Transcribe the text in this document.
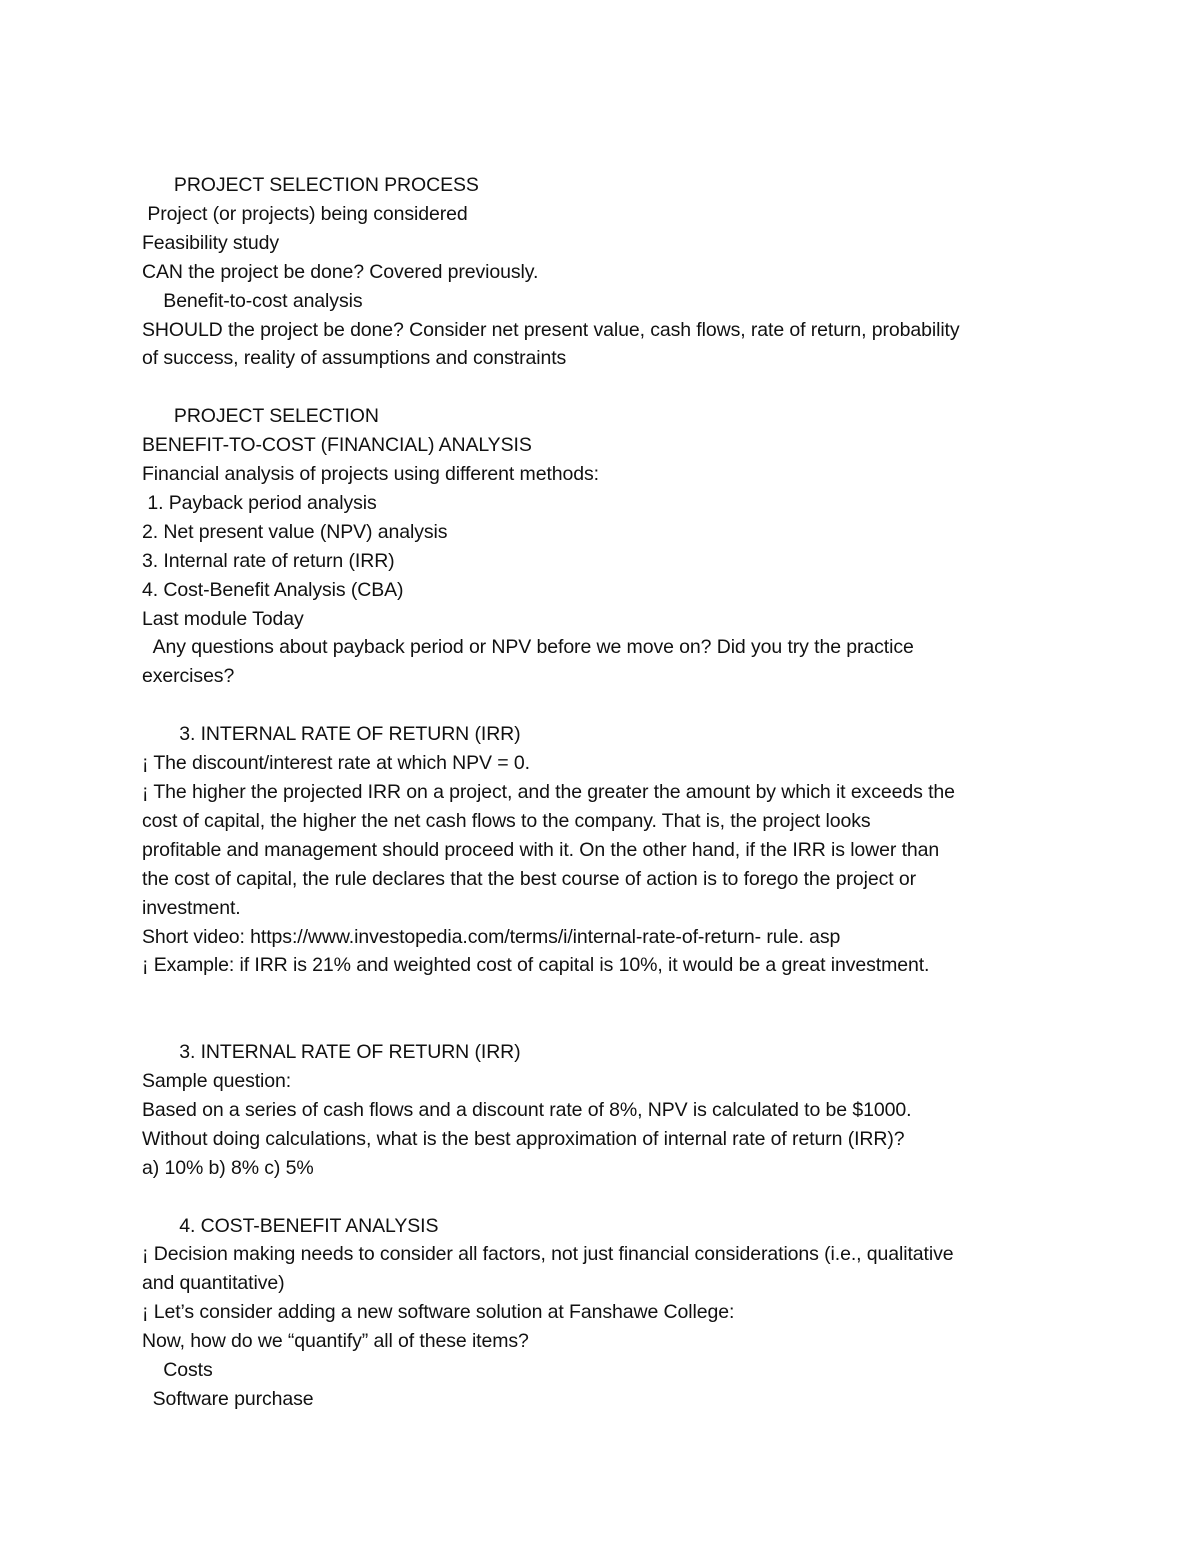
PROJECT SELECTION PROCESS
Project (or projects) being considered
Feasibility study
CAN the project be done? Covered previously.
Benefit-to-cost analysis
SHOULD the project be done? Consider net present value, cash flows, rate of return, probability
of success, reality of assumptions and constraints
PROJECT SELECTION
BENEFIT-TO-COST (FINANCIAL) ANALYSIS
Financial analysis of projects using different methods:
1. Payback period analysis
2. Net present value (NPV) analysis
3. Internal rate of return (IRR)
4. Cost-Benefit Analysis (CBA)
Last module Today
Any questions about payback period or NPV before we move on? Did you try the practice
exercises?
3. INTERNAL RATE OF RETURN (IRR)
¡ The discount/interest rate at which NPV = 0.
¡ The higher the projected IRR on a project, and the greater the amount by which it exceeds the
cost of capital, the higher the net cash flows to the company. That is, the project looks
profitable and management should proceed with it. On the other hand, if the IRR is lower than
the cost of capital, the rule declares that the best course of action is to forego the project or
investment.
Short video: https://www.investopedia.com/terms/i/internal-rate-of-return- rule. asp
¡ Example: if IRR is 21% and weighted cost of capital is 10%, it would be a great investment.
3. INTERNAL RATE OF RETURN (IRR)
Sample question:
Based on a series of cash flows and a discount rate of 8%, NPV is calculated to be $1000.
Without doing calculations, what is the best approximation of internal rate of return (IRR)?
a) 10% b) 8% c) 5%
4. COST-BENEFIT ANALYSIS
¡ Decision making needs to consider all factors, not just financial considerations (i.e., qualitative
and quantitative)
¡ Let’s consider adding a new software solution at Fanshawe College:
Now, how do we “quantify” all of these items?
Costs
Software purchase
